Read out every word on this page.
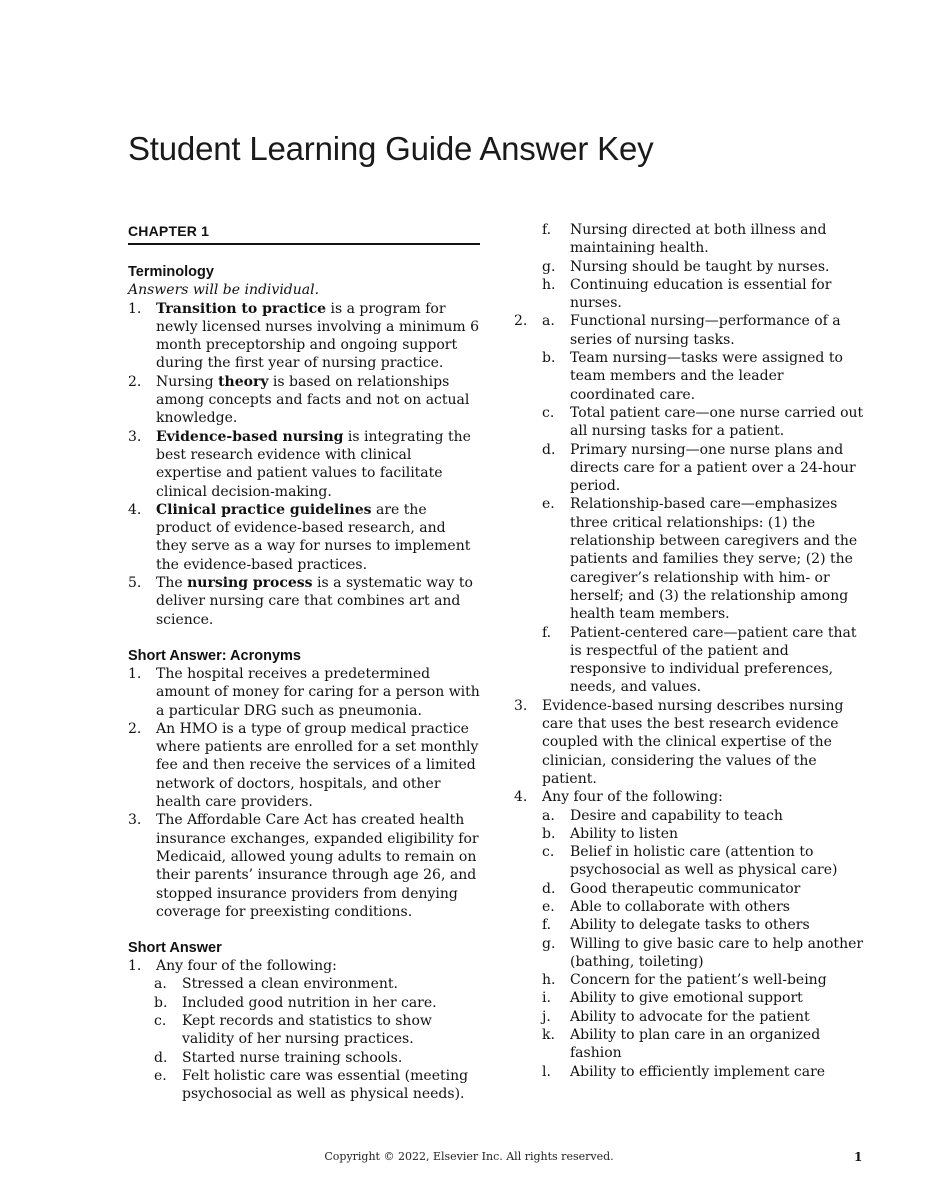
Student Learning Guide Answer Key
CHAPTER 1
Terminology
Answers will be individual.
1.	Transition to practice is a program for newly licensed nurses involving a minimum 6 month preceptorship and ongoing support during the first year of nursing practice.
2.	Nursing theory is based on relationships among concepts and facts and not on actual knowledge.
3.	Evidence-based nursing is integrating the best research evidence with clinical expertise and patient values to facilitate clinical decision-making.
4.	Clinical practice guidelines are the product of evidence-based research, and they serve as a way for nurses to implement the evidence-based practices.
5.	The nursing process is a systematic way to deliver nursing care that combines art and science.
Short Answer: Acronyms
1.	The hospital receives a predetermined amount of money for caring for a person with a particular DRG such as pneumonia.
2.	An HMO is a type of group medical practice where patients are enrolled for a set monthly fee and then receive the services of a limited network of doctors, hospitals, and other health care providers.
3.	The Affordable Care Act has created health insurance exchanges, expanded eligibility for Medicaid, allowed young adults to remain on their parents’ insurance through age 26, and stopped insurance providers from denying coverage for preexisting conditions.
Short Answer
1.	Any four of the following:
a. Stressed a clean environment.
b. Included good nutrition in her care.
c. Kept records and statistics to show validity of her nursing practices.
d. Started nurse training schools.
e. Felt holistic care was essential (meeting psychosocial as well as physical needs).
f. Nursing directed at both illness and maintaining health.
g. Nursing should be taught by nurses.
h. Continuing education is essential for nurses.
2. a. Functional nursing—performance of a series of nursing tasks.
b. Team nursing—tasks were assigned to team members and the leader coordinated care.
c. Total patient care—one nurse carried out all nursing tasks for a patient.
d. Primary nursing—one nurse plans and directs care for a patient over a 24-hour period.
e. Relationship-based care—emphasizes three critical relationships: (1) the relationship between caregivers and the patients and families they serve; (2) the caregiver’s relationship with him- or herself; and (3) the relationship among health team members.
f. Patient-centered care—patient care that is respectful of the patient and responsive to individual preferences, needs, and values.
3.	Evidence-based nursing describes nursing care that uses the best research evidence coupled with the clinical expertise of the clinician, considering the values of the patient.
4.	Any four of the following:
a. Desire and capability to teach
b. Ability to listen
c. Belief in holistic care (attention to psychosocial as well as physical care)
d. Good therapeutic communicator
e. Able to collaborate with others
f. Ability to delegate tasks to others
g. Willing to give basic care to help another (bathing, toileting)
h. Concern for the patient’s well-being
i. Ability to give emotional support
j. Ability to advocate for the patient
k. Ability to plan care in an organized fashion
l. Ability to efficiently implement care
Copyright © 2022, Elsevier Inc. All rights reserved.	1
